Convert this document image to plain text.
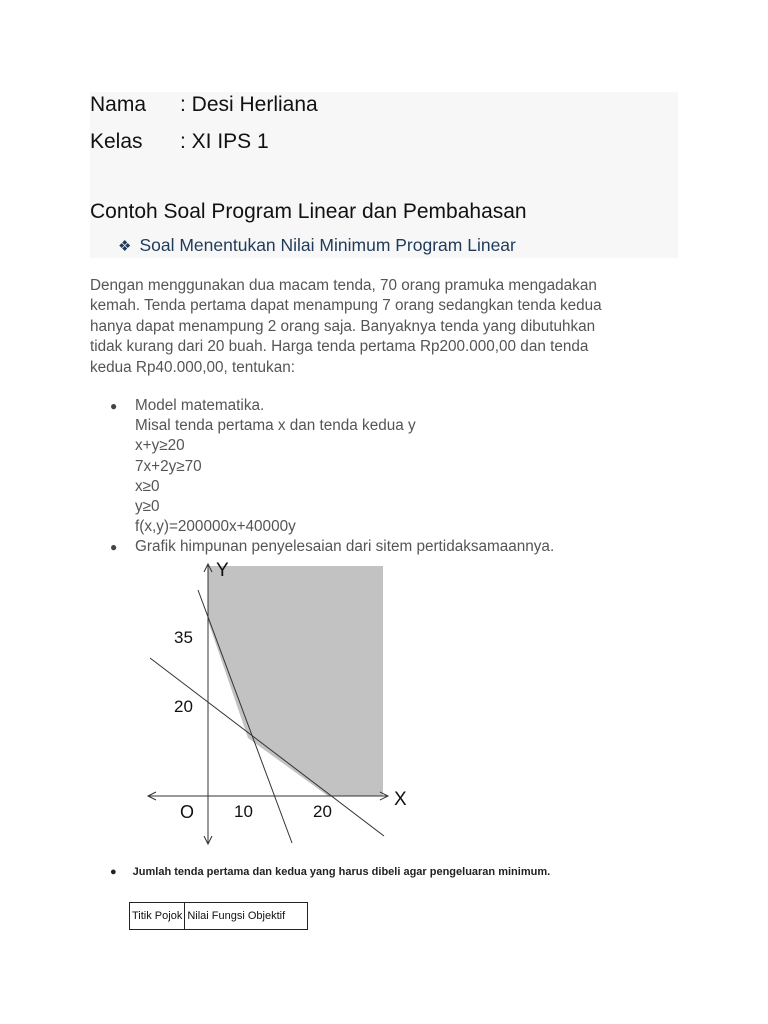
Nama : Desi Herliana
Kelas : XI IPS 1
Contoh Soal Program Linear dan Pembahasan
❖ Soal Menentukan Nilai Minimum Program Linear

Dengan menggunakan dua macam tenda, 70 orang pramuka mengadakan

kemah. Tenda pertama dapat menampung 7 orang sedangkan tenda kedua

hanya dapat menampung 2 orang saja. Banyaknya tenda yang dibutuhkan

tidak kurang dari 20 buah. Harga tenda pertama Rp200.000,00 dan tenda

kedua Rp40.000,00, tentukan:

● Model matematika.
Misal tenda pertama x dan tenda kedua y
x+y≥20
7x+2y≥70
x≥0
y≥0
f(x,y)=200000x+40000y
● Grafik himpunan penyelesaian dari sitem pertidaksamaannya.
Y
X
O
35
20
10	20
● Jumlah tenda pertama dan kedua yang harus dibeli agar pengeluaran minimum.
Titik Pojok	Nilai Fungsi Objektif
